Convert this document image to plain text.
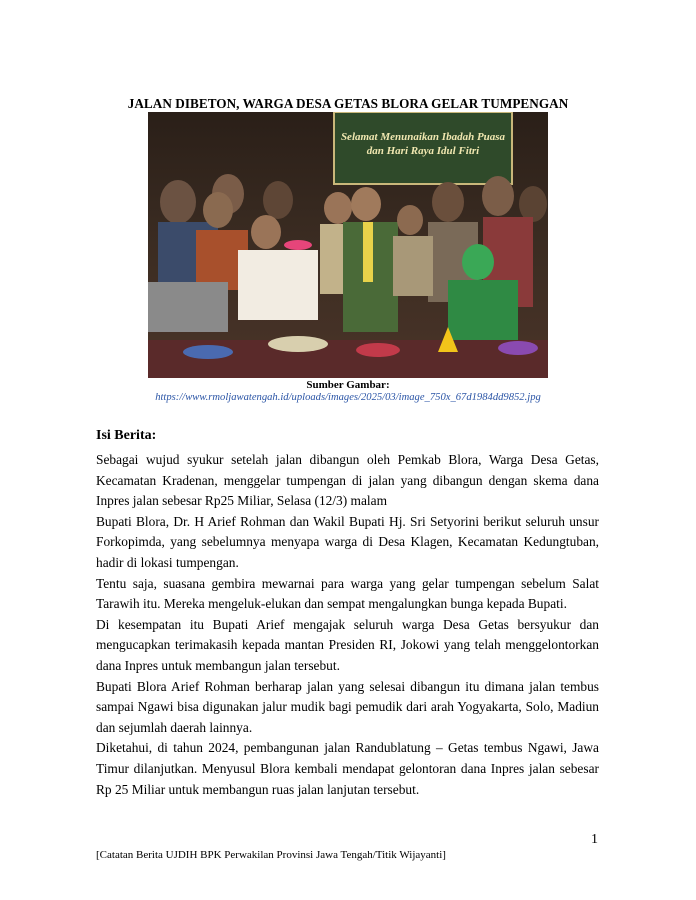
JALAN DIBETON, WARGA DESA GETAS BLORA GELAR TUMPENGAN
Selamat Menunaikan Ibadah Puasa
dan Hari Raya Idul Fitri
Sumber Gambar:
https://www.rmoljawatengah.id/uploads/images/2025/03/image_750x_67d1984dd9852.jpg
Isi Berita:

Sebagai wujud syukur setelah jalan dibangun oleh Pemkab Blora, Warga Desa Getas, Kecamatan Kradenan, menggelar tumpengan di jalan yang dibangun dengan skema dana Inpres jalan sebesar Rp25 Miliar, Selasa (12/3) malam

Bupati Blora, Dr. H Arief Rohman dan Wakil Bupati Hj. Sri Setyorini berikut seluruh unsur Forkopimda, yang sebelumnya menyapa warga di Desa Klagen, Kecamatan Kedungtuban, hadir di lokasi tumpengan.

Tentu saja, suasana gembira mewarnai para warga yang gelar tumpengan sebelum Salat Tarawih itu. Mereka mengeluk-elukan dan sempat mengalungkan bunga kepada Bupati.

Di kesempatan itu Bupati Arief mengajak seluruh warga Desa Getas bersyukur dan mengucapkan terimakasih kepada mantan Presiden RI, Jokowi yang telah menggelontorkan dana Inpres untuk membangun jalan tersebut.

Bupati Blora Arief Rohman berharap jalan yang selesai dibangun itu dimana jalan tembus sampai Ngawi bisa digunakan jalur mudik bagi pemudik dari arah Yogyakarta, Solo, Madiun dan sejumlah daerah lainnya.

Diketahui, di tahun 2024, pembangunan jalan Randublatung – Getas tembus Ngawi, Jawa Timur dilanjutkan. Menyusul Blora kembali mendapat gelontoran dana Inpres jalan sebesar Rp 25 Miliar untuk membangun ruas jalan lanjutan tersebut.

1
[Catatan Berita UJDIH BPK Perwakilan Provinsi Jawa Tengah/Titik Wijayanti]
